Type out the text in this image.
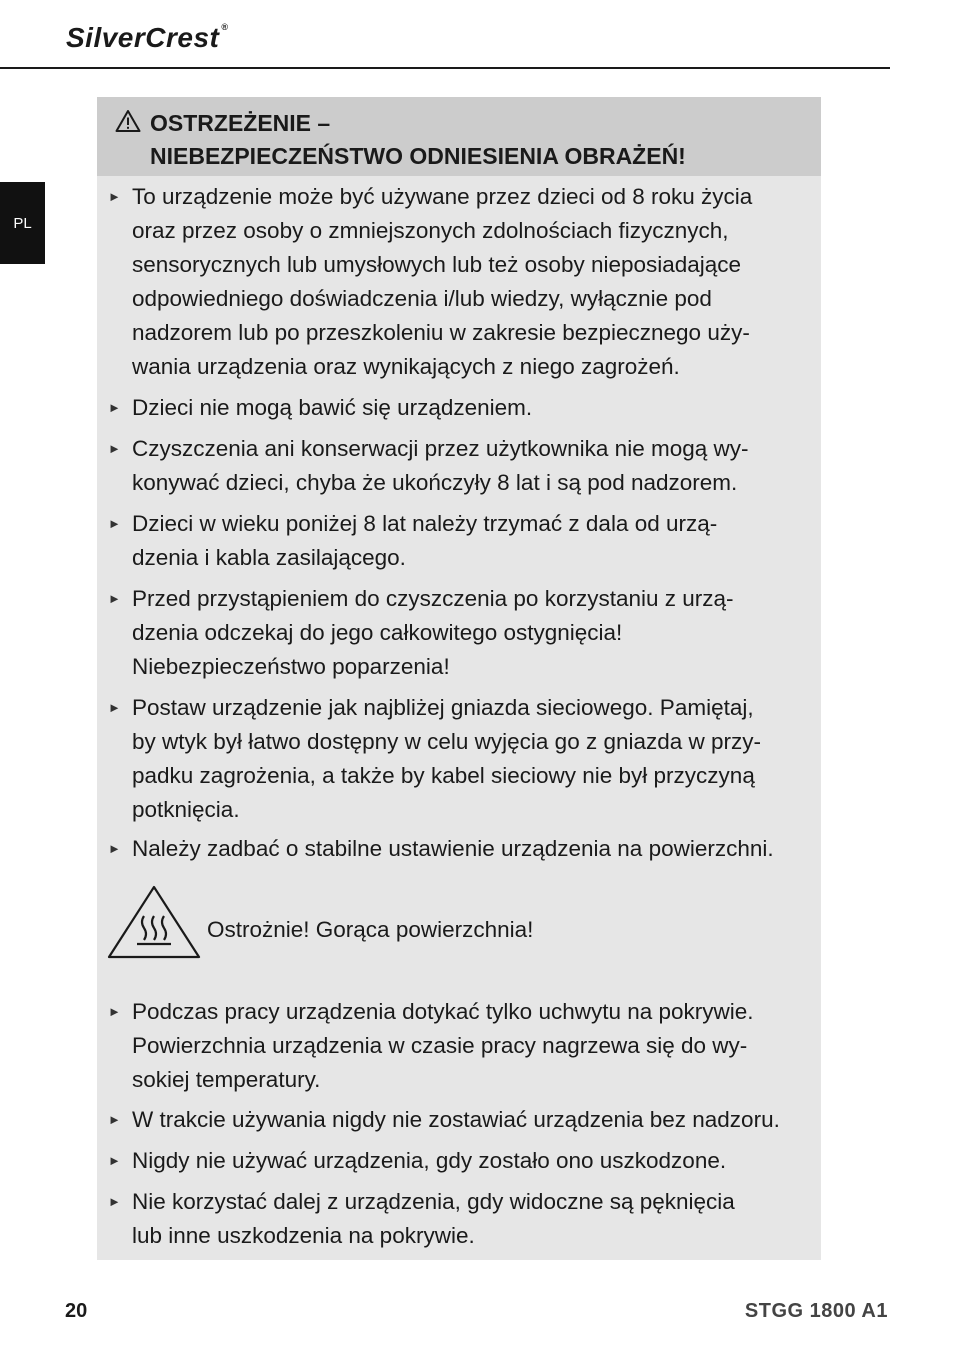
SilverCrest ®
PL
OSTRZEŻENIE –
NIEBEZPIECZEŃSTWO ODNIESIENIA OBRAŻEŃ!
► To urządzenie może być używane przez dzieci od 8 roku życia
oraz przez osoby o zmniejszonych zdolnościach fizycznych,
sensorycznych lub umysłowych lub też osoby nieposiadające
odpowiedniego doświadczenia i/lub wiedzy, wyłącznie pod
nadzorem lub po przeszkoleniu w zakresie bezpiecznego uży-
wania urządzenia oraz wynikających z niego zagrożeń.
► Dzieci nie mogą bawić się urządzeniem.
► Czyszczenia ani konserwacji przez użytkownika nie mogą wy-
konywać dzieci, chyba że ukończyły 8 lat i są pod nadzorem.
► Dzieci w wieku poniżej 8 lat należy trzymać z dala od urzą-
dzenia i kabla zasilającego.
► Przed przystąpieniem do czyszczenia po korzystaniu z urzą-
dzenia odczekaj do jego całkowitego ostygnięcia!
Niebezpieczeństwo poparzenia!
► Postaw urządzenie jak najbliżej gniazda sieciowego. Pamiętaj,
by wtyk był łatwo dostępny w celu wyjęcia go z gniazda w przy-
padku zagrożenia, a także by kabel sieciowy nie był przyczyną
potknięcia.
► Należy zadbać o stabilne ustawienie urządzenia na powierzchni.
Ostrożnie! Gorąca powierzchnia!
► Podczas pracy urządzenia dotykać tylko uchwytu na pokrywie.
Powierzchnia urządzenia w czasie pracy nagrzewa się do wy-
sokiej temperatury.
► W trakcie używania nigdy nie zostawiać urządzenia bez nadzoru.
► Nigdy nie używać urządzenia, gdy zostało ono uszkodzone.
► Nie korzystać dalej z urządzenia, gdy widoczne są pęknięcia
lub inne uszkodzenia na pokrywie.
20	STGG 1800 A1
